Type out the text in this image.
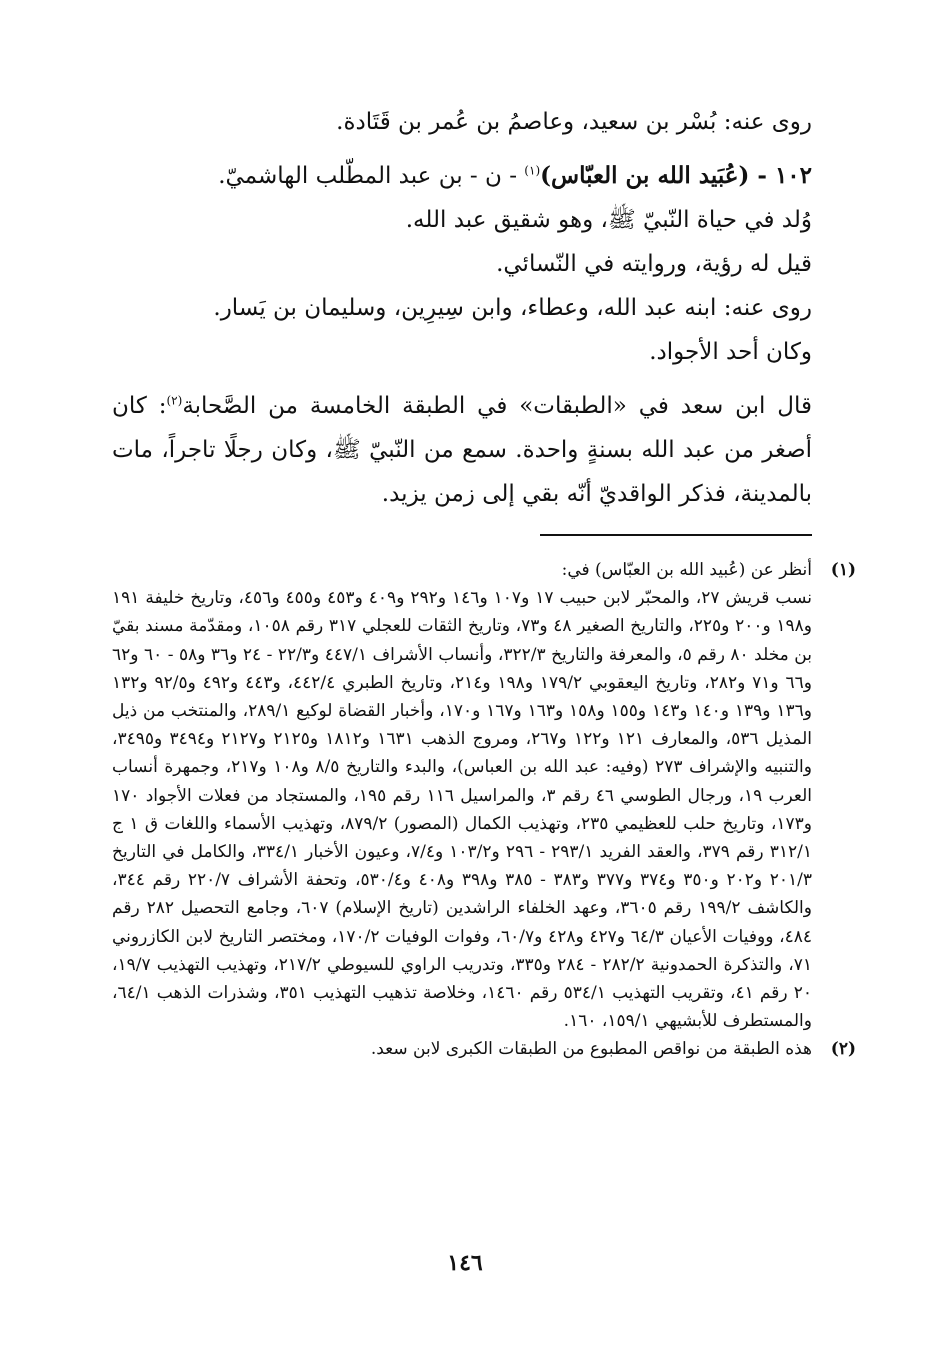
روى عنه: بُسْر بن سعيد، وعاصمُ بن عُمر بن قَتَادة.

١٠٢ - (عُبَيد الله بن العبّاس)$^{(١)}$ - ن - بن عبد المطّلب الهاشميّ.

وُلد في حياة النّبيّ ﷺ، وهو شقيق عبد الله.

قيل له رؤية، وروايته في النّسائي.

روى عنه: ابنه عبد الله، وعطاء، وابن سِيرِين، وسليمان بن يَسار.

وكان أحد الأجواد.

قال ابن سعد في «الطبقات» في الطبقة الخامسة من الصَّحابة$^{(٢)}$: كان أصغر من عبد الله بسنةٍ واحدة. سمع من النّبيّ ﷺ، وكان رجلًا تاجراً، مات بالمدينة، فذكر الواقديّ أنّه بقي إلى زمن يزيد.

(١)
أنظر عن (عُبيد الله بن العبّاس) في:
نسب قريش ٢٧، والمحبّر لابن حبيب ١٧ و١٠٧ و١٤٦ و٢٩٢ و٤٠٩ و٤٥٣ و٤٥٥ و٤٥٦، وتاريخ خليفة ١٩١ و١٩٨ و٢٠٠ و٢٢٥، والتاريخ الصغير ٤٨ و٧٣، وتاريخ الثقات للعجلي ٣١٧ رقم ١٠٥٨، ومقدّمة مسند بقيّ بن مخلد ٨٠ رقم ٥، والمعرفة والتاريخ ٣٢٢/٣، وأنساب الأشراف ٤٤٧/١ و٢٢/٣ - ٢٤ و٣٦ و٥٨ - ٦٠ و٦٢ و٦٦ و٧١ و٢٨٢، وتاريخ اليعقوبي ١٧٩/٢ و١٩٨ و٢١٤، وتاريخ الطبري ٤٤٢/٤، و٤٤٣ و٤٩٢ و٩٢/٥ و١٣٢ و١٣٦ و١٣٩ و١٤٠ و١٤٣ و١٥٥ و١٥٨ و١٦٣ و١٦٧ و١٧٠، وأخبار القضاة لوكيع ٢٨٩/١، والمنتخب من ذيل المذيل ٥٣٦، والمعارف ١٢١ و١٢٢ و٢٦٧، ومروج الذهب ١٦٣١ و١٨١٢ و٢١٢٥ و٢١٢٧ و٣٤٩٤ و٣٤٩٥، والتنبيه والإشراف ٢٧٣ (وفيه: عبد الله بن العباس)، والبدء والتاريخ ٨/٥ و١٠٨ و٢١٧، وجمهرة أنساب العرب ١٩، ورجال الطوسي ٤٦ رقم ٣، والمراسيل ١١٦ رقم ١٩٥، والمستجاد من فعلات الأجواد ١٧٠ و١٧٣، وتاريخ حلب للعظيمي ٢٣٥، وتهذيب الكمال (المصور) ٨٧٩/٢، وتهذيب الأسماء واللغات ق ١ ج ٣١٢/١ رقم ٣٧٩، والعقد الفريد ٢٩٣/١ - ٢٩٦ و١٠٣/٢ و٧/٤، وعيون الأخبار ٣٣٤/١، والكامل في التاريخ ٢٠١/٣ و٢٠٢ و٣٥٠ و٣٧٤ و٣٧٧ و٣٨٣ - ٣٨٥ و٣٩٨ و٤٠٨ و٥٣٠/٤، وتحفة الأشراف ٢٢٠/٧ رقم ٣٤٤، والكاشف ١٩٩/٢ رقم ٣٦٠٥، وعهد الخلفاء الراشدين (تاريخ الإسلام) ٦٠٧، وجامع التحصيل ٢٨٢ رقم ٤٨٤، ووفيات الأعيان ٦٤/٣ و٤٢٧ و٤٢٨ و٦٠/٧، وفوات الوفيات ١٧٠/٢، ومختصر التاريخ لابن الكازروني ٧١، والتذكرة الحمدونية ٢٨٢/٢ - ٢٨٤ و٣٣٥، وتدريب الراوي للسيوطي ٢١٧/٢، وتهذيب التهذيب ١٩/٧، ٢٠ رقم ٤١، وتقريب التهذيب ٥٣٤/١ رقم ١٤٦٠، وخلاصة تذهيب التهذيب ٣٥١، وشذرات الذهب ٦٤/١، والمستطرف للأبشيهي ١٥٩/١، ١٦٠.
(٢)
هذه الطبقة من نواقص المطبوع من الطبقات الكبرى لابن سعد.
١٤٦
